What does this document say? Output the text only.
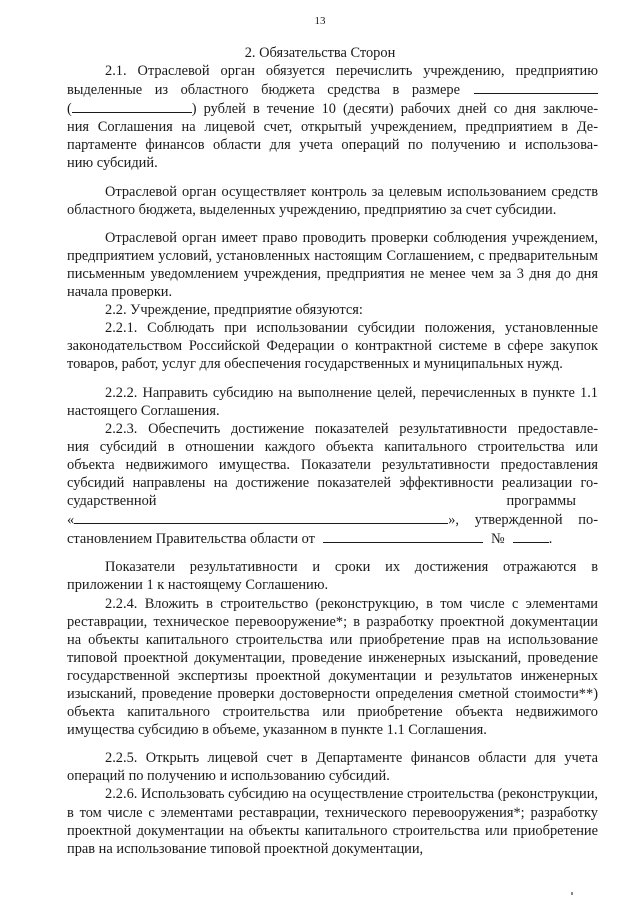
13
2. Обязательства Сторон
2.1. Отраслевой орган обязуется перечислить учреждению, предприятию
выделенные из областного бюджета средства в размере
(	) рублей в течение 10 (десяти) рабочих дней со дня заключе-
ния Соглашения на лицевой счет, открытый учреждением, предприятием в Де-
партаменте финансов области для учета операций по получению и использова-
нию субсидий.

Отраслевой орган осуществляет контроль за целевым использованием средств областного бюджета, выделенных учреждению, предприятию за счет субсидии.

Отраслевой орган имеет право проводить проверки соблюдения учреждением, предприятием условий, установленных настоящим Соглашением, с предварительным письменным уведомлением учреждения, предприятия не менее чем за 3 дня до дня начала проверки.

2.2. Учреждение, предприятие обязуются:

2.2.1. Соблюдать при использовании субсидии положения, установленные законодательством Российской Федерации о контрактной системе в сфере закупок товаров, работ, услуг для обеспечения государственных и муниципальных нужд.

2.2.2. Направить субсидию на выполнение целей, перечисленных в пункте 1.1 настоящего Соглашения.

2.2.3. Обеспечить достижение показателей результативности предоставле-
ния субсидий в отношении каждого объекта капитального строительства или
объекта недвижимого имущества. Показатели результативности предоставления
субсидий направлены на достижение показателей эффективности реализации го-
сударственной	программы
«	», утвержденной по-
становлением Правительства области от	№	.

Показатели результативности и сроки их достижения отражаются в приложении 1 к настоящему Соглашению.

2.2.4. Вложить в строительство (реконструкцию, в том числе с элементами реставрации, техническое перевооружение*; в разработку проектной документации на объекты капитального строительства или приобретение прав на использование типовой проектной документации, проведение инженерных изысканий, проведение государственной экспертизы проектной документации и результатов инженерных изысканий, проведение проверки достоверности определения сметной стоимости**) объекта капитального строительства или приобретение объекта недвижимого имущества субсидию в объеме, указанном в пункте 1.1 Соглашения.

2.2.5. Открыть лицевой счет в Департаменте финансов области для учета операций по получению и использованию субсидий.

2.2.6. Использовать субсидию на осуществление строительства (реконструкции, в том числе с элементами реставрации, технического перевооружения*; разработку проектной документации на объекты капитального строительства или приобретение прав на использование типовой проектной документации,
